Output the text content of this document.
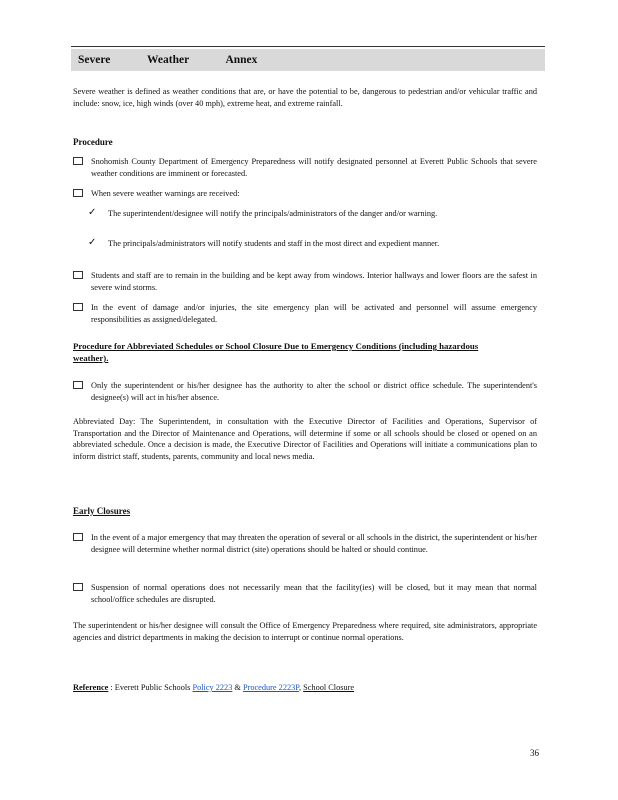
Severe	Weather	Annex
Severe weather is defined as weather conditions that are, or have the potential to be, dangerous to pedestrian and/or vehicular traffic and include: snow, ice, high winds (over 40 mph), extreme heat, and extreme rainfall.
Procedure
Snohomish County Department of Emergency Preparedness will notify designated personnel at Everett Public Schools that severe weather conditions are imminent or forecasted.
When severe weather warnings are received:
✓ The superintendent/designee will notify the principals/administrators of the danger and/or warning.
✓ The principals/administrators will notify students and staff in the most direct and expedient manner.
Students and staff are to remain in the building and be kept away from windows. Interior hallways and lower floors are the safest in severe wind storms.
In the event of damage and/or injuries, the site emergency plan will be activated and personnel will assume emergency responsibilities as assigned/delegated.
Procedure for Abbreviated Schedules or School Closure Due to Emergency Conditions (including hazardous weather).
Only the superintendent or his/her designee has the authority to alter the school or district office schedule. The superintendent's designee(s) will act in his/her absence.
Abbreviated Day: The Superintendent, in consultation with the Executive Director of Facilities and Operations, Supervisor of Transportation and the Director of Maintenance and Operations, will determine if some or all schools should be closed or opened on an abbreviated schedule. Once a decision is made, the Executive Director of Facilities and Operations will initiate a communications plan to inform district staff, students, parents, community and local news media.
Early Closures
In the event of a major emergency that may threaten the operation of several or all schools in the district, the superintendent or his/her designee will determine whether normal district (site) operations should be halted or should continue.
Suspension of normal operations does not necessarily mean that the facility(ies) will be closed, but it may mean that normal school/office schedules are disrupted.
The superintendent or his/her designee will consult the Office of Emergency Preparedness where required, site administrators, appropriate agencies and district departments in making the decision to interrupt or continue normal operations.
Reference : Everett Public Schools Policy 2223 & Procedure 2223P, School Closure
36
